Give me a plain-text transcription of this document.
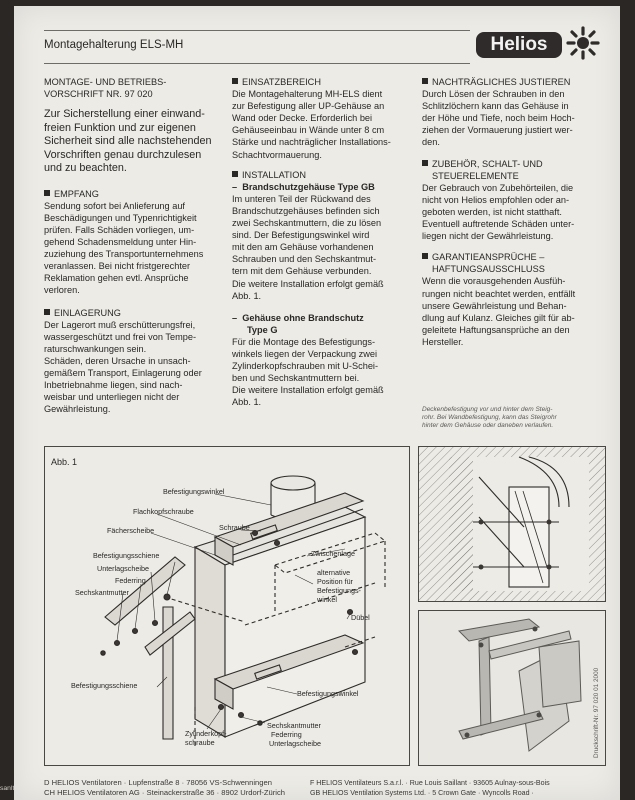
Montagehalterung ELS-MH	Helios

MONTAGE- UND BETRIEBS-

VORSCHRIFT NR. 97 020

Zur Sicherstellung einer einwand-

freien Funktion und zur eigenen

Sicherheit sind alle nachstehenden

Vorschriften genau durchzulesen

und zu beachten.

EMPFANG

Sendung sofort bei Anlieferung auf

Beschädigungen und Typenrichtigkeit

prüfen. Falls Schäden vorliegen, um-

gehend Schadensmeldung unter Hin-

zuziehung des Transportunternehmens

veranlassen. Bei nicht fristgerechter

Reklamation gehen evtl. Ansprüche

verloren.

EINLAGERUNG

Der Lagerort muß erschütterungsfrei,

wassergeschützt und frei von Tempe-

raturschwankungen sein.

Schäden, deren Ursache in unsach-

gemäßem Transport, Einlagerung oder

Inbetriebnahme liegen, sind nach-

weisbar und unterliegen nicht der

Gewährleistung.

EINSATZBEREICH

Die Montagehalterung MH-ELS dient

zur Befestigung aller UP-Gehäuse an

Wand oder Decke. Erforderlich bei

Gehäuseeinbau in Wände unter 8 cm

Stärke und nachträglicher Installations-

Schachtvormauerung.

INSTALLATION

–  Brandschutzgehäuse Type GB

Im unteren Teil der Rückwand des

Brandschutzgehäuses befinden sich

zwei Sechskantmuttern, die zu lösen

sind. Der Befestigungswinkel wird

mit den am Gehäuse vorhandenen

Schrauben und den Sechskantmut-

tern mit dem Gehäuse verbunden.

Die weitere Installation erfolgt gemäß

Abb. 1.

–  Gehäuse ohne Brandschutz

Type G

Für die Montage des Befestigungs-

winkels liegen der Verpackung zwei

Zylinderkopfschrauben mit U-Schei-

ben und Sechskantmuttern bei.

Die weitere Installation erfolgt gemäß

Abb. 1.

NACHTRÄGLICHES JUSTIEREN

Durch Lösen der Schrauben in den

Schlitzlöchern kann das Gehäuse in

der Höhe und Tiefe, noch beim Hoch-

ziehen der Vormauerung justiert wer-

den.

ZUBEHÖR, SCHALT- UND

STEUERELEMENTE

Der Gebrauch von Zubehörteilen, die

nicht von Helios empfohlen oder an-

geboten werden, ist nicht statthaft.

Eventuell auftretende Schäden unter-

liegen nicht der Gewährleistung.

GARANTIEANSPRÜCHE –

HAFTUNGSAUSSCHLUSS

Wenn die vorausgehenden Ausfüh-

rungen nicht beachtet werden, entfällt

unsere Gewährleistung und Behan-

dlung auf Kulanz. Gleiches gilt für ab-

geleitete Haftungsansprüche an den

Hersteller.

Deckenbefestigung vor und hinter dem Steig-
rohr. Bei Wandbefestigung, kann das Steigrohr
hinter dem Gehäuse oder daneben verlaufen.
Abb. 1
Befestigungswinkel
Flachkopfschraube
Fächerscheibe	Schraube
Befestigungsschiene
Unterlagscheibe
Federring
Sechskantmutter
Zwischenlage
alternative
Position für
Befestigungs-
winkel
Dübel
Befestigungsschiene
Befestigungswinkel
Zylinderkopf-
schraube
Sechskantmutter
Federring
Unterlagscheibe	Druckschrift-Nr. 97 020 01 2000
D HELIOS Ventilatoren · Lupfenstraße 8 · 78056 VS-Schwenningen
CH HELIOS Ventilatoren AG · Steinackerstraße 36 · 8902 Urdorf-Zürich
F HELIOS Ventilateurs S.a.r.l. · Rue Louis Saillant · 93605 Aulnay-sous-Bois
GB HELIOS Ventilation Systems Ltd. · 5 Crown Gate · Wyncolls Road ·
sanlt
